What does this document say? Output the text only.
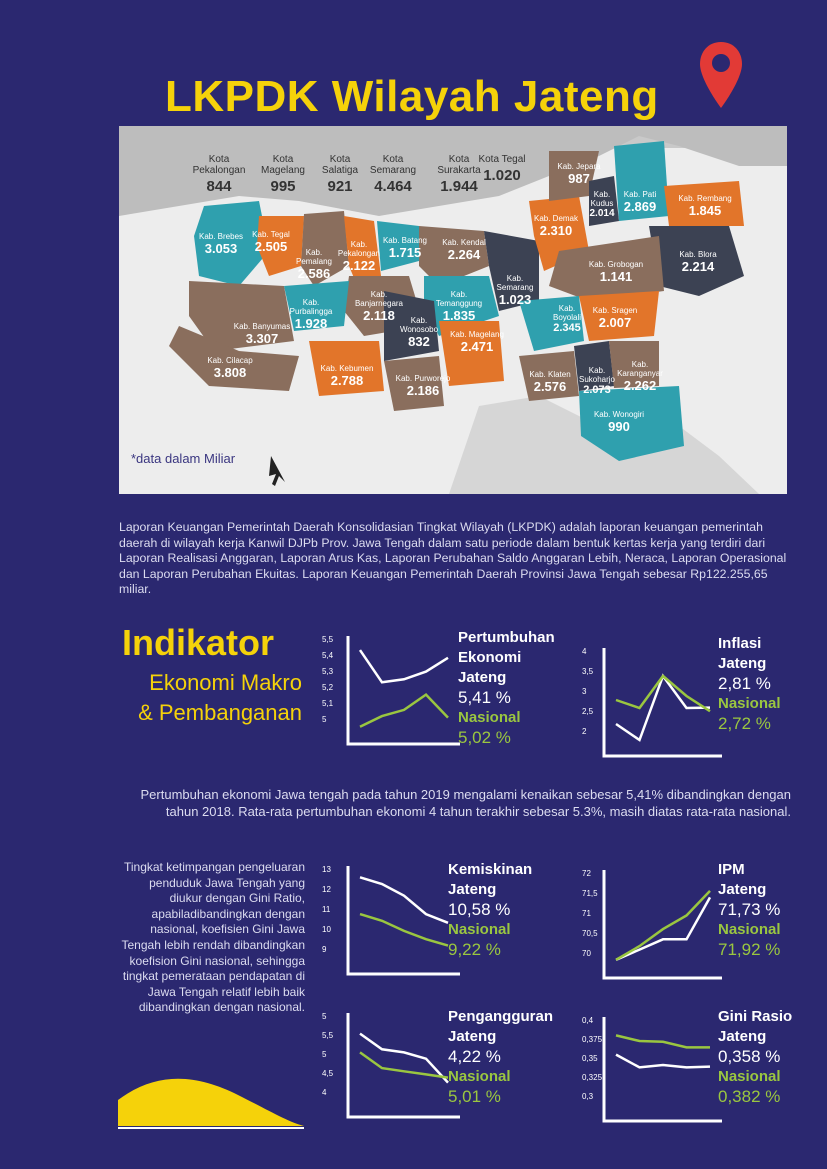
LKPDK Wilayah Jateng
Kota Pekalongan
844
Kota Magelang
995
Kota Salatiga
921
Kota Semarang
4.464
Kota Surakarta
1.944
Kota Tegal
1.020
Kab. Brebes
3.053
Kab. Tegal
2.505	Kab. Pemalang
2.586
Kab. Pekalongan
2.122
Kab. Batang
1.715
Kab. Kendal
2.264
Kab. Demak
2.310
Kab. Jepara
987
Kab. Kudus
2.014
Kab. Pati
2.869
Kab. Rembang
1.845
Kab. Blora
2.214
Kab. Grobogan
1.141
Kab. Semarang
1.023
Kab. Temanggung
1.835
Kab. Banjarnegara
2.118
Kab. Purbalingga
1.928
Kab. Banyumas
3.307
Kab. Cilacap
3.808	Kab. Kebumen
2.788
Kab. Wonosobo
832
Kab. Purworejo
2.186
Kab. Magelang
2.471
Kab. Boyolali
2.345
Kab. Sragen
2.007
Kab. Klaten
2.576
Kab. Sukoharjo
2.073
Kab. Karanganyar
2.262
Kab. Wonogiri
990
*data dalam Miliar
Laporan Keuangan Pemerintah Daerah Konsolidasian Tingkat Wilayah (LKPDK) adalah laporan keuangan pemerintah daerah di wilayah kerja Kanwil DJPb Prov. Jawa Tengah dalam satu periode dalam bentuk kertas kerja yang terdiri dari Laporan Realisasi Anggaran, Laporan Arus Kas, Laporan Perubahan Saldo Anggaran Lebih, Neraca, Laporan Operasional dan Laporan Perubahan Ekuitas. Laporan Keuangan Pemerintah Daerah Provinsi Jawa Tengah sebesar Rp122.255,65 miliar.
Indikator
Ekonomi Makro
& Pembanganan
Pertumbuhan ekonomi Jawa tengah pada tahun 2019 mengalami kenaikan sebesar 5,41% dibandingkan dengan tahun 2018. Rata-rata pertumbuhan ekonomi 4 tahun terakhir sebesar 5.3%, masih diatas rata-rata nasional.
Tingkat ketimpangan pengeluaran penduduk Jawa Tengah yang diukur dengan Gini Ratio, apabiladibandingkan dengan nasional, koefisien Gini Jawa Tengah lebih rendah dibandingkan koefision Gini nasional, sehingga tingkat pemerataan pendapatan di Jawa Tengah relatif lebih baik dibandingkan dengan nasional.
5,5
5,4
5,3
5,2
5,1
5
Pertumbuhan Ekonomi
Jateng
5,41 %
Nasional
5,02 %
4
3,5
3
2,5
2
Inflasi
Jateng
2,81 %
Nasional
2,72 %
13
12
11
10
9
Kemiskinan
Jateng
10,58 %
Nasional
9,22 %
72
71,5
71
70,5
70
IPM
Jateng
71,73 %
Nasional
71,92 %
5
5,5
5
4,5
4
Pengangguran
Jateng
4,22 %
Nasional
5,01 %
0,4
0,375
0,35
0,325
0,3
Gini Rasio
Jateng
0,358 %
Nasional
0,382 %
